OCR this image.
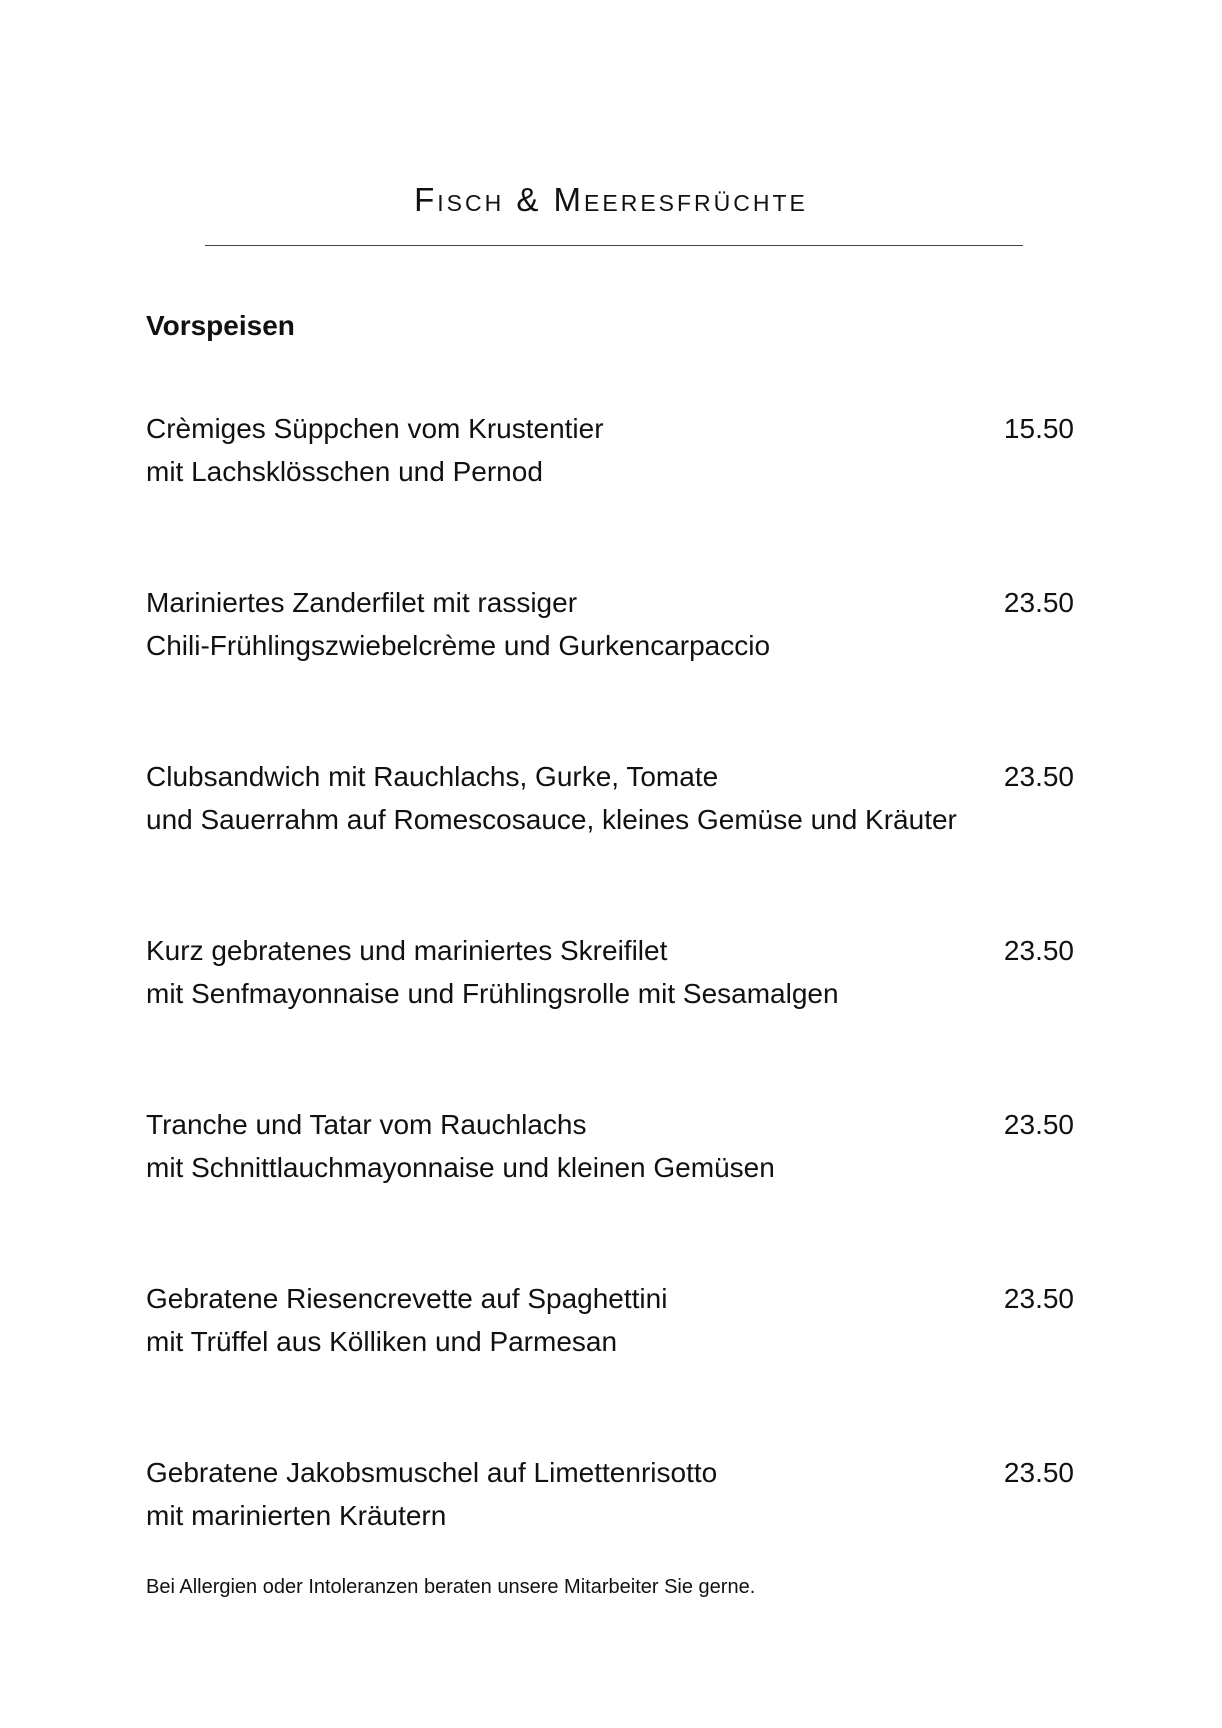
Fisch & Meeresfrüchte
Vorspeisen
Crèmiges Süppchen vom Krustentier
mit Lachsklösschen und Pernod
15.50
Mariniertes Zanderfilet mit rassiger
Chili-Frühlingszwiebelcrème und Gurkencarpaccio
23.50
Clubsandwich mit Rauchlachs, Gurke, Tomate
und Sauerrahm auf Romescosauce, kleines Gemüse und Kräuter
23.50
Kurz gebratenes und mariniertes Skreifilet
mit Senfmayonnaise und Frühlingsrolle mit Sesamalgen
23.50
Tranche und Tatar vom Rauchlachs
mit Schnittlauchmayonnaise und kleinen Gemüsen
23.50
Gebratene Riesencrevette auf Spaghettini
mit Trüffel aus Kölliken und Parmesan
23.50
Gebratene Jakobsmuschel auf Limettenrisotto
mit marinierten Kräutern
23.50
Bei Allergien oder Intoleranzen beraten unsere Mitarbeiter Sie gerne.
